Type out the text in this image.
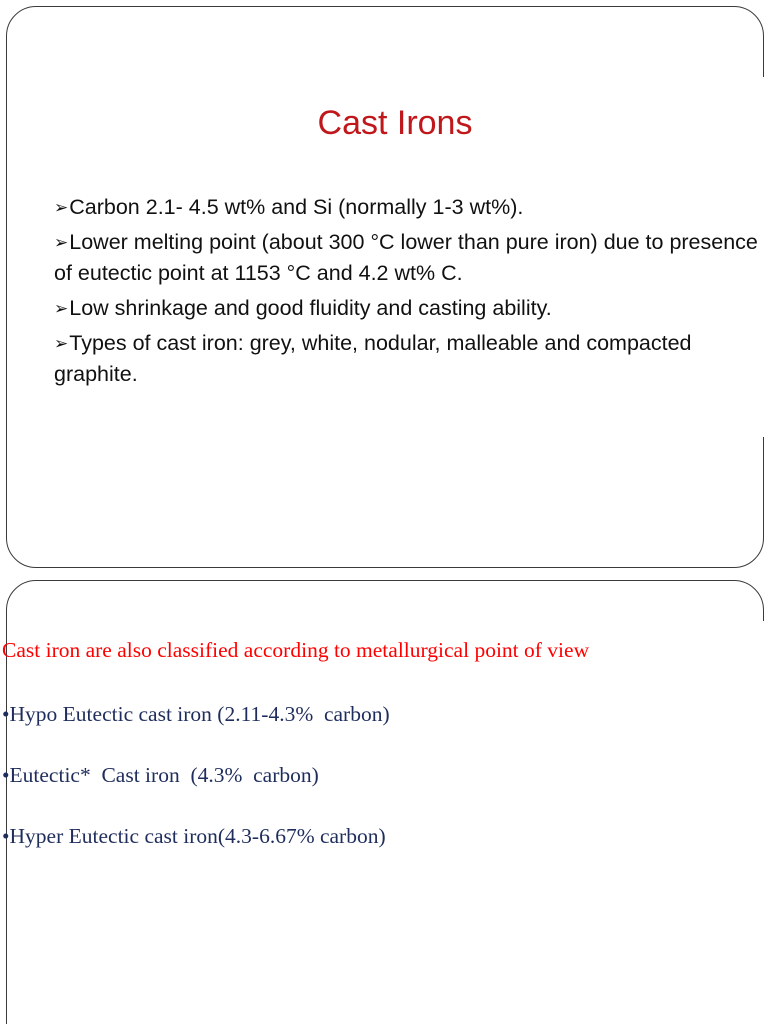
Cast Irons
➢Carbon 2.1- 4.5 wt% and Si (normally 1-3 wt%).
➢Lower melting point (about 300 °C lower than pure iron) due to presence of eutectic point at 1153 °C and 4.2 wt% C.
➢Low shrinkage and good fluidity and casting ability.
➢Types of cast iron: grey, white, nodular, malleable and compacted graphite.
Cast iron are also classified according to metallurgical point of view
•Hypo Eutectic cast iron (2.11-4.3%  carbon)
•Eutectic*  Cast iron  (4.3%  carbon)
•Hyper Eutectic cast iron(4.3-6.67% carbon)
